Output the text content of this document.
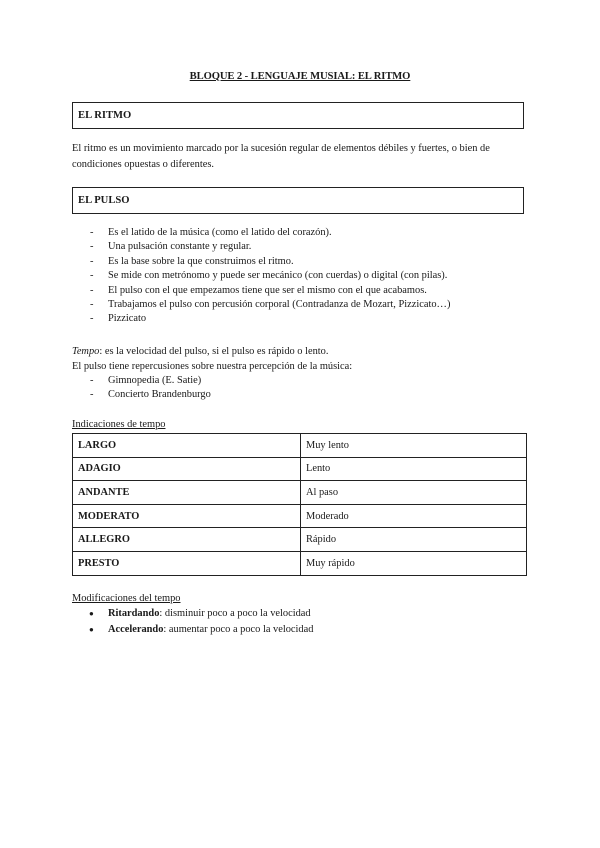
BLOQUE 2 - LENGUAJE MUSIAL: EL RITMO
EL RITMO
El ritmo es un movimiento marcado por la sucesión regular de elementos débiles y fuertes, o bien de condiciones opuestas o diferentes.
EL PULSO
- Es el latido de la música (como el latido del corazón).
- Una pulsación constante y regular.
- Es la base sobre la que construimos el ritmo.
- Se mide con metrónomo y puede ser mecánico (con cuerdas) o digital (con pilas).
- El pulso con el que empezamos tiene que ser el mismo con el que acabamos.
- Trabajamos el pulso con percusión corporal (Contradanza de Mozart, Pizzicato…)
- Pizzicato
Tempo: es la velocidad del pulso, si el pulso es rápido o lento.
El pulso tiene repercusiones sobre nuestra percepción de la música:
- Gimnopedia (E. Satie)
- Concierto Brandenburgo
Indicaciones de tempo
LARGO	Muy lento
ADAGIO	Lento
ANDANTE	Al paso
MODERATO	Moderado
ALLEGRO	Rápido
PRESTO	Muy rápido
Modificaciones del tempo
● Ritardando: disminuir poco a poco la velocidad
● Accelerando: aumentar poco a poco la velocidad
